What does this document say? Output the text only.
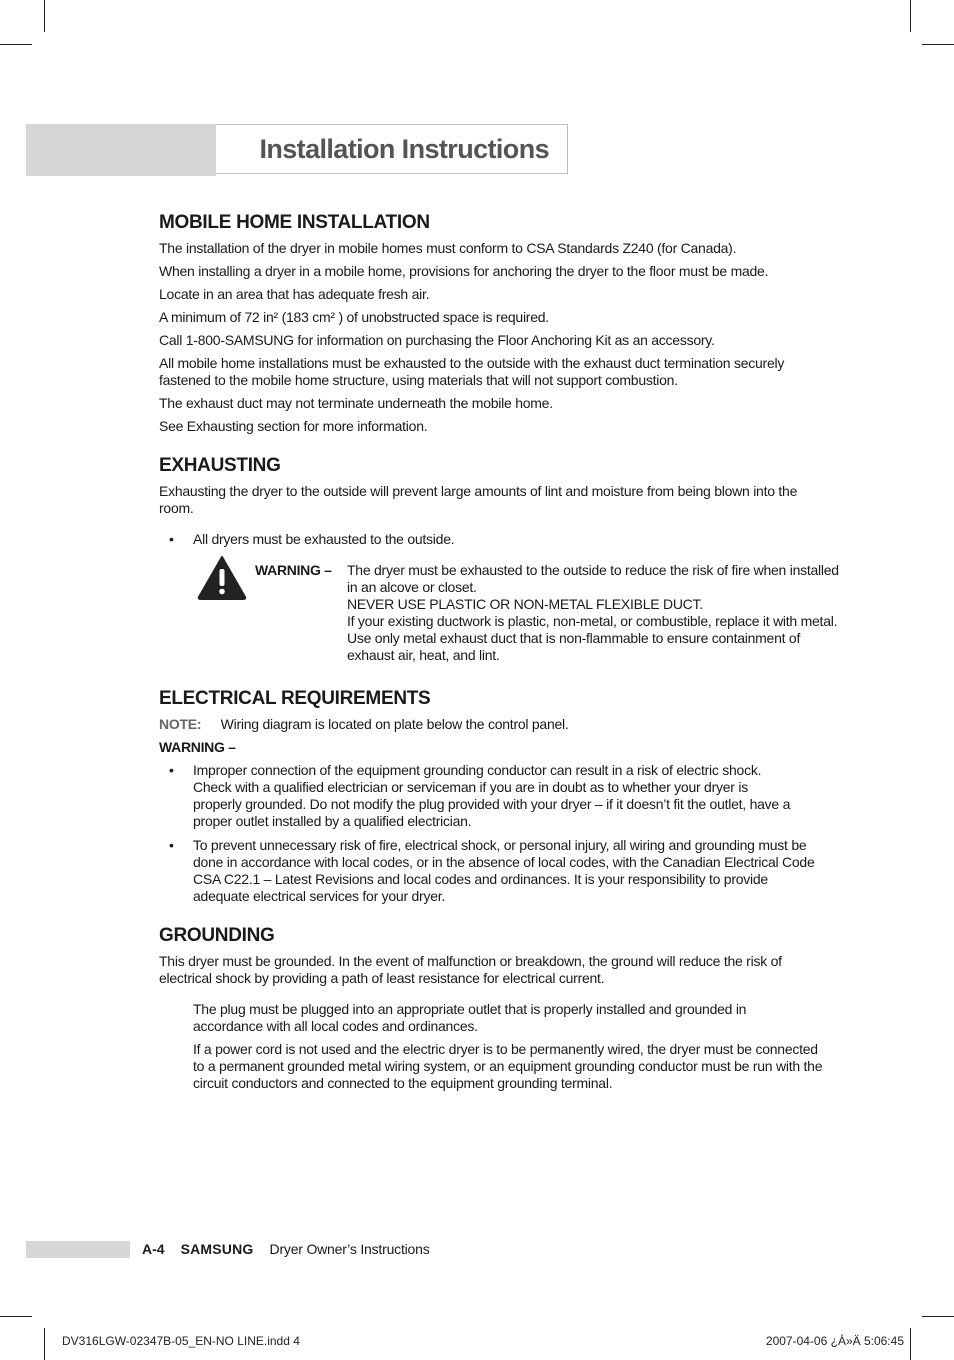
Installation Instructions
MOBILE HOME INSTALLATION

The installation of the dryer in mobile homes must conform to CSA Standards Z240 (for Canada).

When installing a dryer in a mobile home, provisions for anchoring the dryer to the floor must be made.

Locate in an area that has adequate fresh air.

A minimum of 72 in² (183 cm² ) of unobstructed space is required.

Call 1-800-SAMSUNG for information on purchasing the Floor Anchoring Kit as an accessory.

All mobile home installations must be exhausted to the outside with the exhaust duct termination securely fastened to the mobile home structure, using materials that will not support combustion.

The exhaust duct may not terminate underneath the mobile home.

See Exhausting section for more information.

EXHAUSTING

Exhausting the dryer to the outside will prevent large amounts of lint and moisture from being blown into the room.

• All dryers must be exhausted to the outside.
WARNING –	The dryer must be exhausted to the outside to reduce the risk of fire when installed in an alcove or closet.
NEVER USE PLASTIC OR NON-METAL FLEXIBLE DUCT.
If your existing ductwork is plastic, non-metal, or combustible, replace it with metal.
Use only metal exhaust duct that is non-flammable to ensure containment of exhaust air, heat, and lint.
ELECTRICAL REQUIREMENTS
NOTE: Wiring diagram is located on plate below the control panel.
WARNING –
• Improper connection of the equipment grounding conductor can result in a risk of electric shock. Check with a qualified electrician or serviceman if you are in doubt as to whether your dryer is properly grounded. Do not modify the plug provided with your dryer – if it doesn’t fit the outlet, have a proper outlet installed by a qualified electrician.
• To prevent unnecessary risk of fire, electrical shock, or personal injury, all wiring and grounding must be done in accordance with local codes, or in the absence of local codes, with the Canadian Electrical Code CSA C22.1 – Latest Revisions and local codes and ordinances. It is your responsibility to provide adequate electrical services for your dryer.
GROUNDING

This dryer must be grounded. In the event of malfunction or breakdown, the ground will reduce the risk of electrical shock by providing a path of least resistance for electrical current.

The plug must be plugged into an appropriate outlet that is properly installed and grounded in accordance with all local codes and ordinances.

If a power cord is not used and the electric dryer is to be permanently wired, the dryer must be connected to a permanent grounded metal wiring system, or an equipment grounding conductor must be run with the circuit conductors and connected to the equipment grounding terminal.

A-4 SAMSUNG Dryer Owner’s Instructions
DV316LGW-02347B-05_EN-NO LINE.indd 4	2007-04-06 ¿À»Ä 5:06:45
